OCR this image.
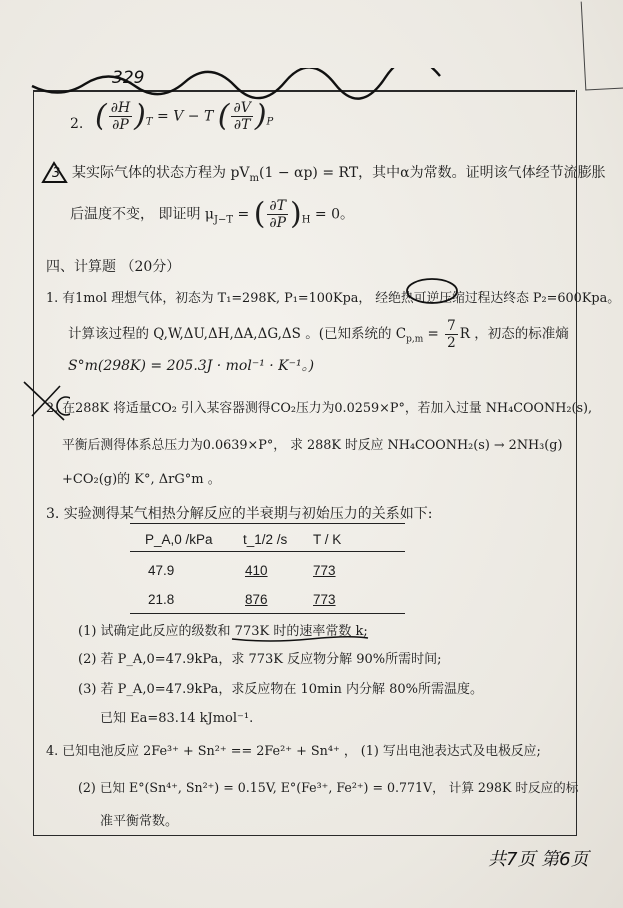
329
2. ( $\frac{\partial H}{\partial P} )_T = V - T$ ( $\frac{\partial V}{\partial T} )_P$
3 某实际气体的状态方程为 $pV_m(1 - \alpha p)$ = RT，其中α为常数。证明该气体经节流膨胀
后温度不变， 即证明 $\mu_{J-T}$ = ( $\frac{\partial T}{\partial P} )_H = 0$。
四、计算题 （20分）
1. 有1mol 理想气体，初态为 T₁=298K, P₁=100Kpa， 经绝热可逆压缩过程达终态 P₂=600Kpa。
计算该过程的 Q,W,ΔU,ΔH,ΔA,ΔG,ΔS 。(已知系统的 $C_{p,m} = \frac{7}{2}$ R ，初态的标准熵
S°m(298K) = 205.3J · mol⁻¹ · K⁻¹。)
2. 在288K 将适量CO₂ 引入某容器测得CO₂压力为0.0259×P°，若加入过量 NH₄COONH₂(s),
平衡后测得体系总压力为0.0639×P°， 求 288K 时反应 NH₄COONH₂(s) → 2NH₃(g)
+CO₂(g)的 K°, ΔrG°m 。
3. 实验测得某气相热分解反应的半衰期与初始压力的关系如下:
P_A,0 /kPa t_1/2 /s T / K
47.9	410	773
21.8	876	773
(1) 试确定此反应的级数和 773K 时的速率常数 k;
(2) 若 P_A,0=47.9kPa，求 773K 反应物分解 90%所需时间;
(3) 若 P_A,0=47.9kPa，求反应物在 10min 内分解 80%所需温度。
已知 Ea=83.14 kJmol⁻¹.
4. 已知电池反应 2Fe³⁺ + Sn²⁺ == 2Fe²⁺ + Sn⁴⁺ ， (1) 写出电池表达式及电极反应;
(2) 已知 E°(Sn⁴⁺, Sn²⁺) = 0.15V, E°(Fe³⁺, Fe²⁺) = 0.771V， 计算 298K 时反应的标
准平衡常数。
共7页 第6页
